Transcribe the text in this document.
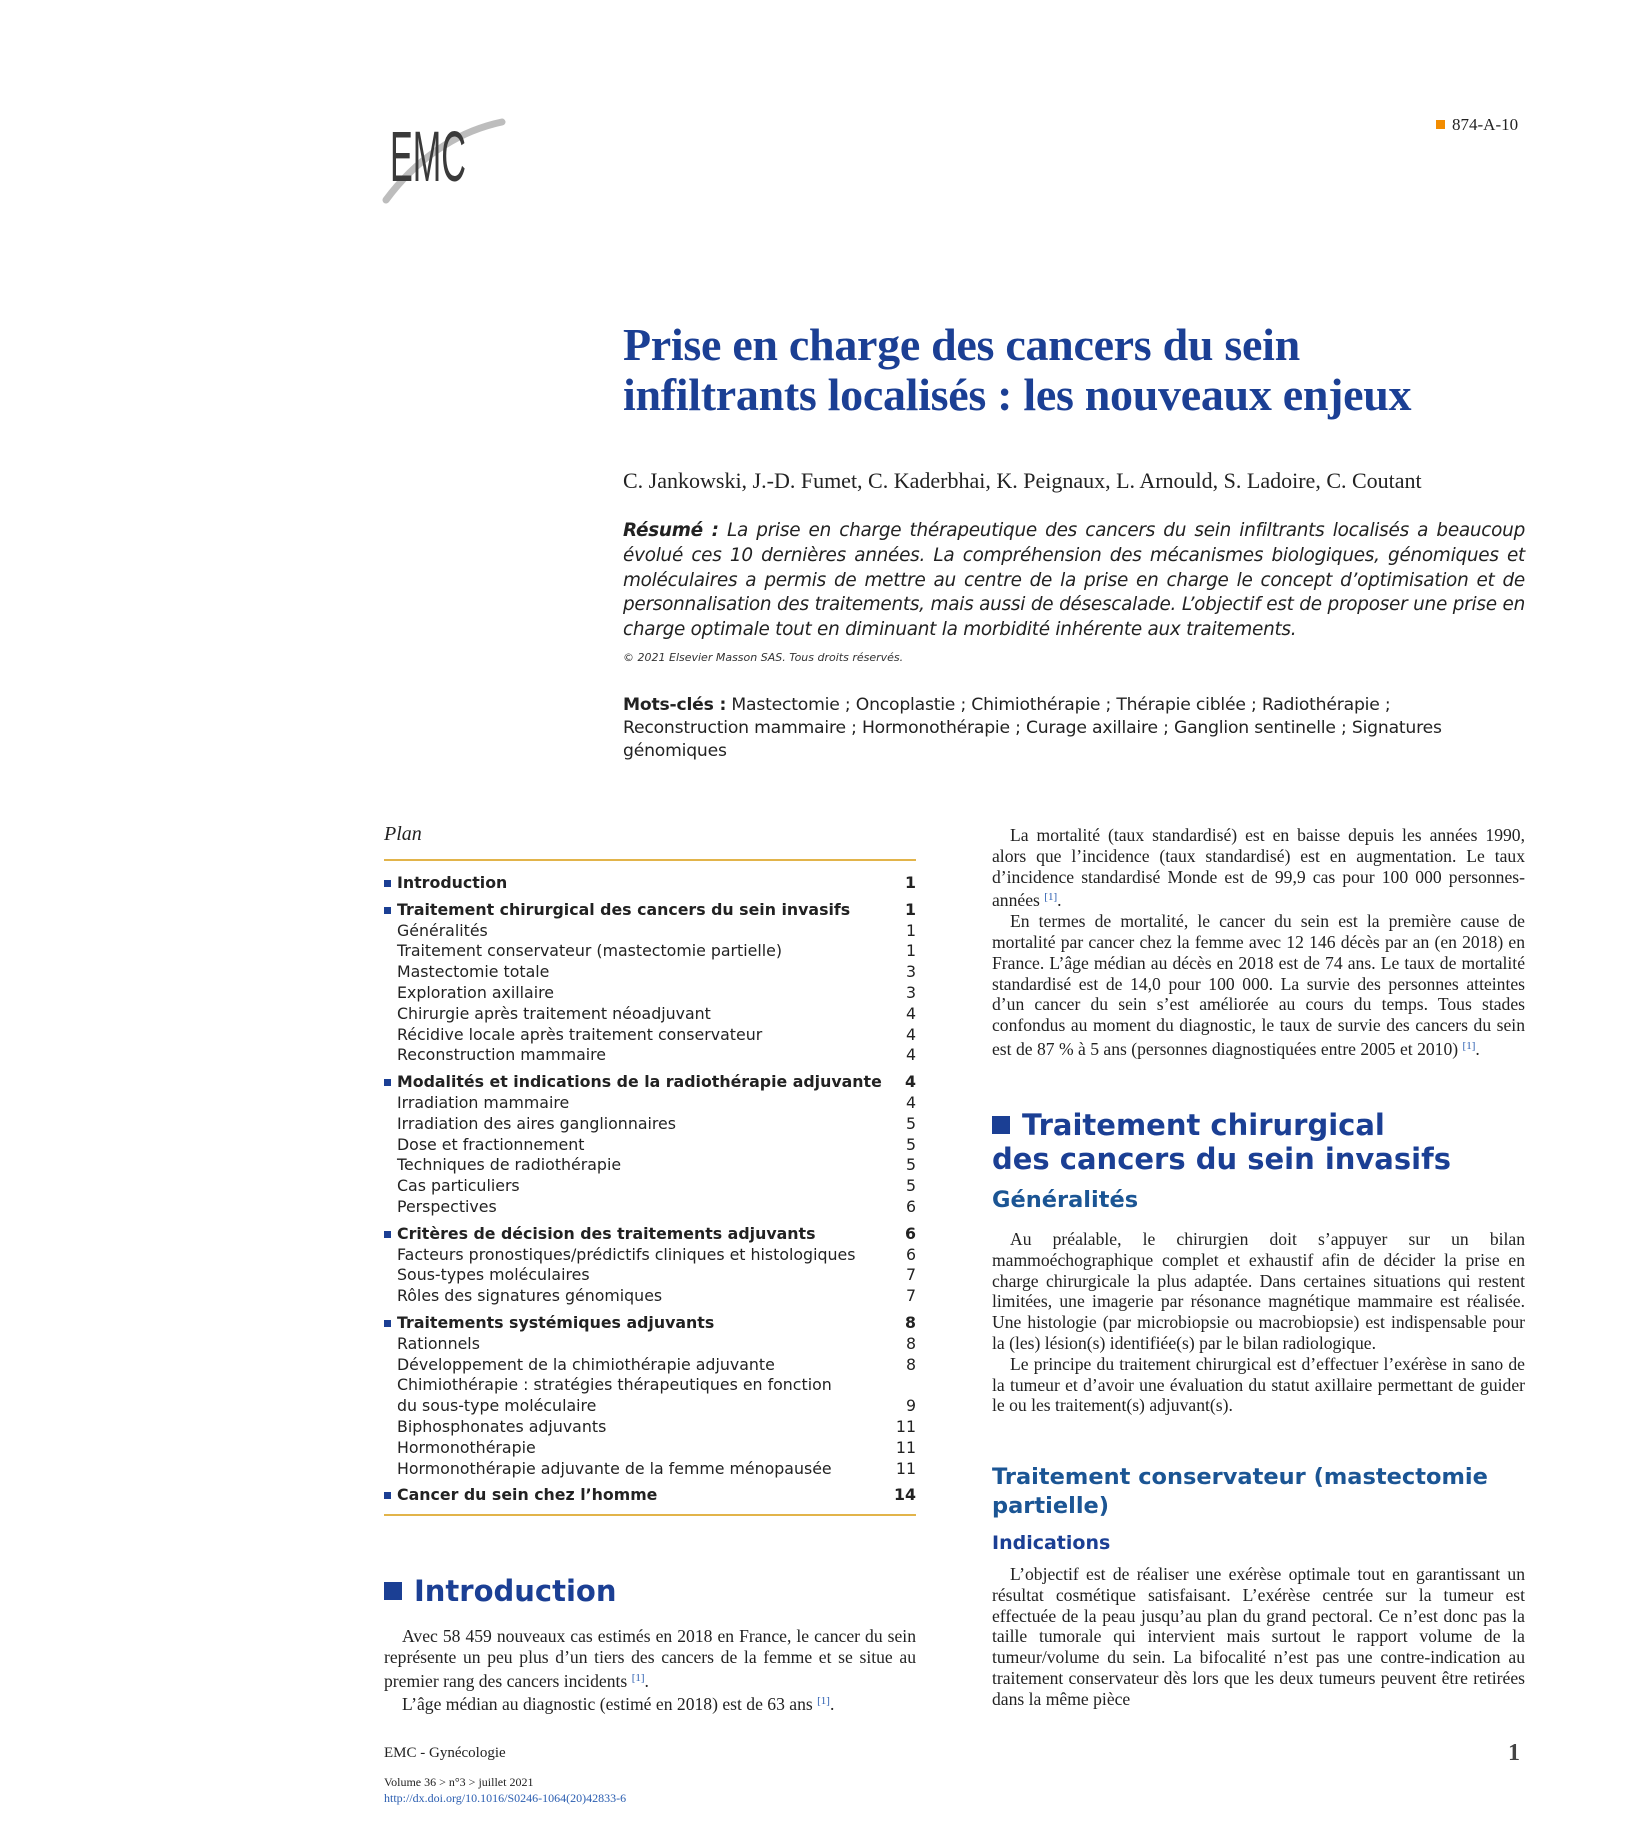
EMC	874-A-10
Prise en charge des cancers du sein
infiltrants localisés : les nouveaux enjeux
C. Jankowski, J.-D. Fumet, C. Kaderbhai, K. Peignaux, L. Arnould, S. Ladoire, C. Coutant
Résumé : La prise en charge thérapeutique des cancers du sein infiltrants localisés a beaucoup évolué ces 10 dernières années. La compréhension des mécanismes biologiques, génomiques et moléculaires a permis de mettre au centre de la prise en charge le concept d’optimisation et de personnalisation des traitements, mais aussi de désescalade. L’objectif est de proposer une prise en charge optimale tout en diminuant la morbidité inhérente aux traitements.
© 2021 Elsevier Masson SAS. Tous droits réservés.
Mots-clés : Mastectomie ; Oncoplastie ; Chimiothérapie ; Thérapie ciblée ; Radiothérapie ;
Reconstruction mammaire ; Hormonothérapie ; Curage axillaire ; Ganglion sentinelle ; Signatures génomiques
Plan
Introduction	1
Traitement chirurgical des cancers du sein invasifs	1
Généralités	1
Traitement conservateur (mastectomie partielle)	1
Mastectomie totale	3
Exploration axillaire	3
Chirurgie après traitement néoadjuvant	4
Récidive locale après traitement conservateur	4
Reconstruction mammaire	4
Modalités et indications de la radiothérapie adjuvante 4
Irradiation mammaire	4
Irradiation des aires ganglionnaires	5
Dose et fractionnement	5
Techniques de radiothérapie	5
Cas particuliers	5
Perspectives	6
Critères de décision des traitements adjuvants	6
Facteurs pronostiques/prédictifs cliniques et histologiques	6
Sous-types moléculaires	7
Rôles des signatures génomiques	7
Traitements systémiques adjuvants	8
Rationnels	8
Développement de la chimiothérapie adjuvante	8
Chimiothérapie : stratégies thérapeutiques en fonction du sous-type moléculaire	9
Biphosphonates adjuvants	11
Hormonothérapie	11
Hormonothérapie adjuvante de la femme ménopausée	11
Cancer du sein chez l’homme	14
Introduction

Avec 58 459 nouveaux cas estimés en 2018 en France, le cancer du sein représente un peu plus d’un tiers des cancers de la femme et se situe au premier rang des cancers incidents [1].

L’âge médian au diagnostic (estimé en 2018) est de 63 ans [1].

La mortalité (taux standardisé) est en baisse depuis les années 1990, alors que l’incidence (taux standardisé) est en augmentation. Le taux d’incidence standardisé Monde est de 99,9 cas pour 100 000 personnes-années [1].

En termes de mortalité, le cancer du sein est la première cause de mortalité par cancer chez la femme avec 12 146 décès par an (en 2018) en France. L’âge médian au décès en 2018 est de 74 ans. Le taux de mortalité standardisé est de 14,0 pour 100 000. La survie des personnes atteintes d’un cancer du sein s’est améliorée au cours du temps. Tous stades confondus au moment du diagnostic, le taux de survie des cancers du sein est de 87 % à 5 ans (personnes diagnostiquées entre 2005 et 2010) [1].

Traitement chirurgical
des cancers du sein invasifs
Généralités

Au préalable, le chirurgien doit s’appuyer sur un bilan mammoéchographique complet et exhaustif afin de décider la prise en charge chirurgicale la plus adaptée. Dans certaines situations qui restent limitées, une imagerie par résonance magnétique mammaire est réalisée. Une histologie (par microbiopsie ou macrobiopsie) est indispensable pour la (les) lésion(s) identifiée(s) par le bilan radiologique.

Le principe du traitement chirurgical est d’effectuer l’exérèse in sano de la tumeur et d’avoir une évaluation du statut axillaire permettant de guider le ou les traitement(s) adjuvant(s).

Traitement conservateur (mastectomie
partielle)
Indications

L’objectif est de réaliser une exérèse optimale tout en garantissant un résultat cosmétique satisfaisant. L’exérèse centrée sur la tumeur est effectuée de la peau jusqu’au plan du grand pectoral. Ce n’est donc pas la taille tumorale qui intervient mais surtout le rapport volume de la tumeur/volume du sein. La bifocalité n’est pas une contre-indication au traitement conservateur dès lors que les deux tumeurs peuvent être retirées dans la même pièce

EMC - Gynécologie
Volume 36 > n°3 > juillet 2021
http://dx.doi.org/10.1016/S0246-1064(20)42833-6
1
